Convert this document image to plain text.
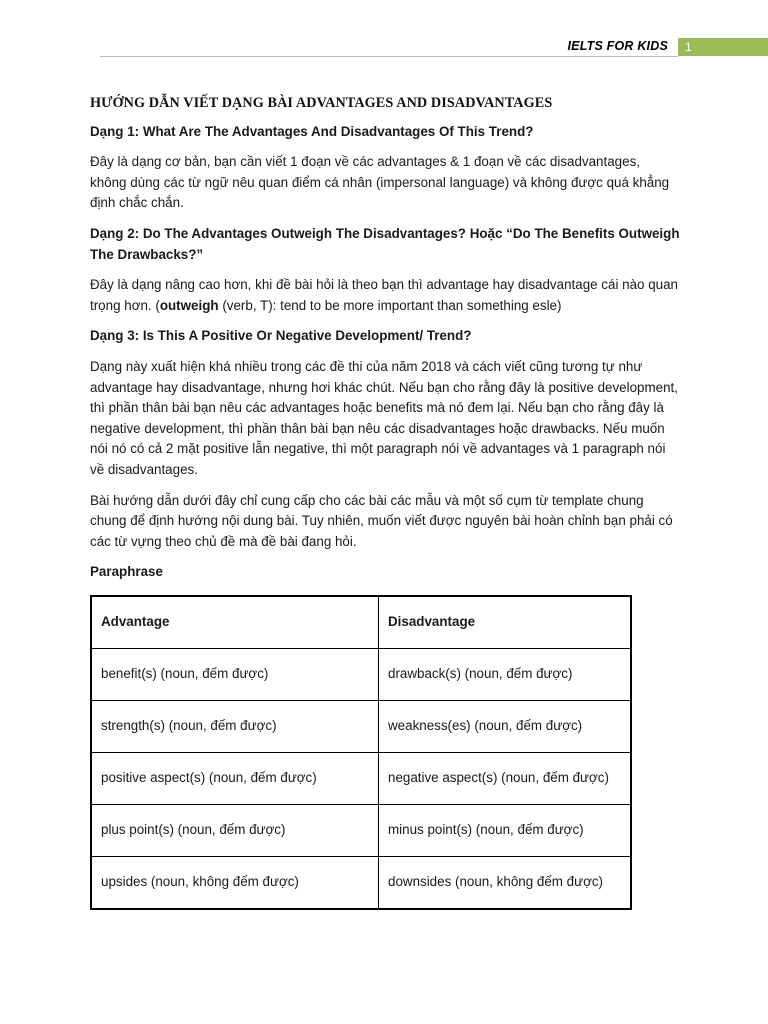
IELTS FOR KIDS	1
HƯỚNG DẪN VIẾT DẠNG BÀI ADVANTAGES AND DISADVANTAGES

Dạng 1: What Are The Advantages And Disadvantages Of This Trend?

Đây là dạng cơ bản, bạn cần viết 1 đoạn về các advantages & 1 đoạn về các disadvantages, không dùng các từ ngữ nêu quan điểm cá nhân (impersonal language) và không được quá khẳng định chắc chắn.

Dạng 2: Do The Advantages Outweigh The Disadvantages? Hoặc “Do The Benefits Outweigh The Drawbacks?”

Đây là dạng nâng cao hơn, khi đề bài hỏi là theo bạn thì advantage hay disadvantage cái nào quan trọng hơn. (outweigh (verb, T): tend to be more important than something esle)

Dạng 3: Is This A Positive Or Negative Development/ Trend?

Dạng này xuất hiện khá nhiều trong các đề thi của năm 2018 và cách viết cũng tương tự như advantage hay disadvantage, nhưng hơi khác chút. Nếu bạn cho rằng đây là positive development, thì phần thân bài bạn nêu các advantages hoặc benefits mà nó đem lại. Nếu bạn cho rằng đây là negative development, thì phần thân bài bạn nêu các disadvantages hoặc drawbacks. Nếu muốn nói nó có cả 2 mặt positive lẫn negative, thì một paragraph nói về advantages và 1 paragraph nói về disadvantages.

Bài hướng dẫn dưới đây chỉ cung cấp cho các bài các mẫu và một số cụm từ template chung chung để định hướng nội dung bài. Tuy nhiên, muốn viết được nguyên bài hoàn chỉnh bạn phải có các từ vựng theo chủ đề mà đề bài đang hỏi.

Paraphrase

Advantage	Disadvantage
benefit(s) (noun, đếm được)	drawback(s) (noun, đếm được)
strength(s) (noun, đếm được)	weakness(es) (noun, đếm được)
positive aspect(s) (noun, đếm được)	negative aspect(s) (noun, đếm được)
plus point(s) (noun, đếm được)	minus point(s) (noun, đếm được)
upsides (noun, không đếm được)	downsides (noun, không đếm được)
